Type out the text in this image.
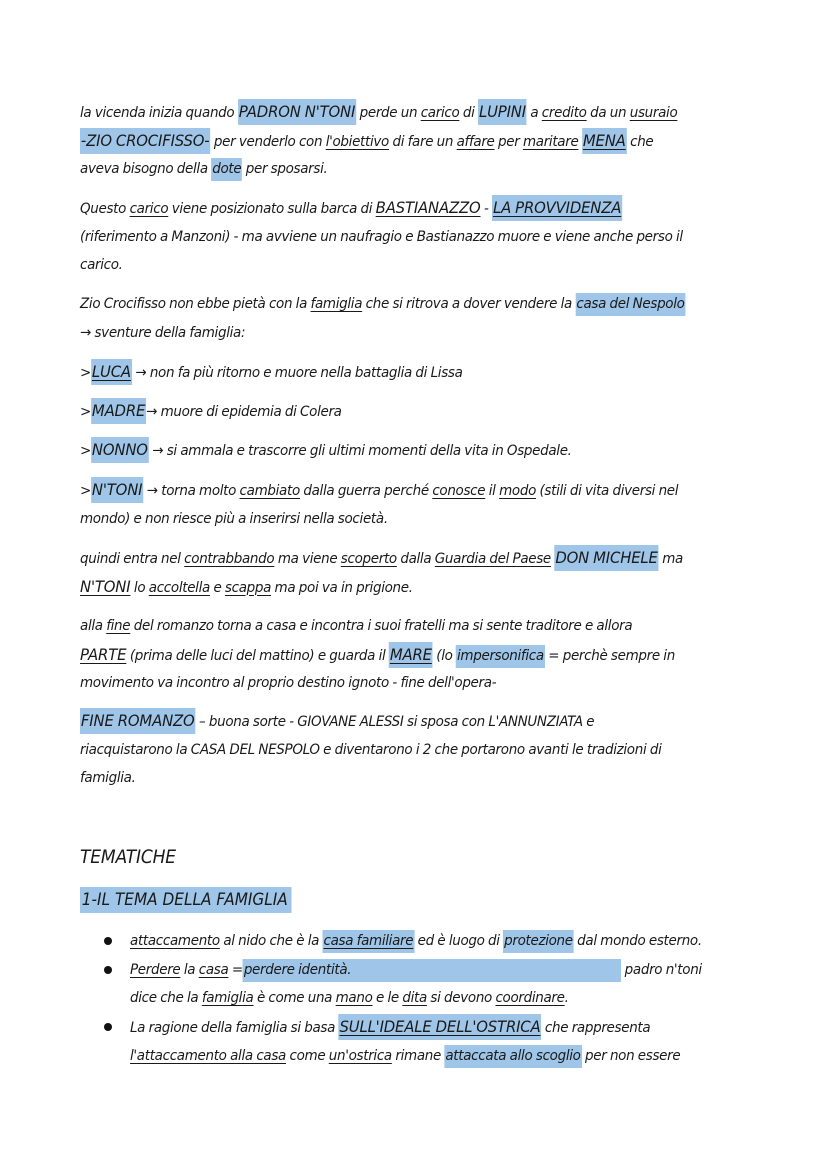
la vicenda inizia quando PADRON N'TONI perde un carico di LUPINI a credito da un usuraio
-ZIO CROCIFISSO- per venderlo con l'obiettivo di fare un affare per maritare MENA che
aveva bisogno della dote per sposarsi.
Questo carico viene posizionato sulla barca di BASTIANAZZO - LA PROVVIDENZA
(riferimento a Manzoni) - ma avviene un naufragio e Bastianazzo muore e viene anche perso il
carico.
Zio Crocifisso non ebbe pietà con la famiglia che si ritrova a dover vendere la casa del Nespolo
→ sventure della famiglia:
>LUCA → non fa più ritorno e muore nella battaglia di Lissa
>MADRE→ muore di epidemia di Colera
>NONNO → si ammala e trascorre gli ultimi momenti della vita in Ospedale.
>N'TONI → torna molto cambiato dalla guerra perché conosce il modo (stili di vita diversi nel
mondo) e non riesce più a inserirsi nella società.
quindi entra nel contrabbando ma viene scoperto dalla Guardia del Paese DON MICHELE ma
N'TONI lo accoltella e scappa ma poi va in prigione.
alla fine del romanzo torna a casa e incontra i suoi fratelli ma si sente traditore e allora
PARTE (prima delle luci del mattino) e guarda il MARE (lo impersonifica = perchè sempre in
movimento va incontro al proprio destino ignoto - fine dell'opera-
FINE ROMANZO – buona sorte - GIOVANE ALESSI si sposa con L'ANNUNZIATA e
riacquistarono la CASA DEL NESPOLO e diventarono i 2 che portarono avanti le tradizioni di
famiglia.
TEMATICHE
1-IL TEMA DELLA FAMIGLIA
attaccamento al nido che è la casa familiare ed è luogo di protezione dal mondo esterno.
Perdere la casa =perdere identità.	padro n'toni
dice che la famiglia è come una mano e le dita si devono coordinare.
La ragione della famiglia si basa SULL'IDEALE DELL'OSTRICA che rappresenta
l'attaccamento alla casa come un'ostrica rimane attaccata allo scoglio per non essere
